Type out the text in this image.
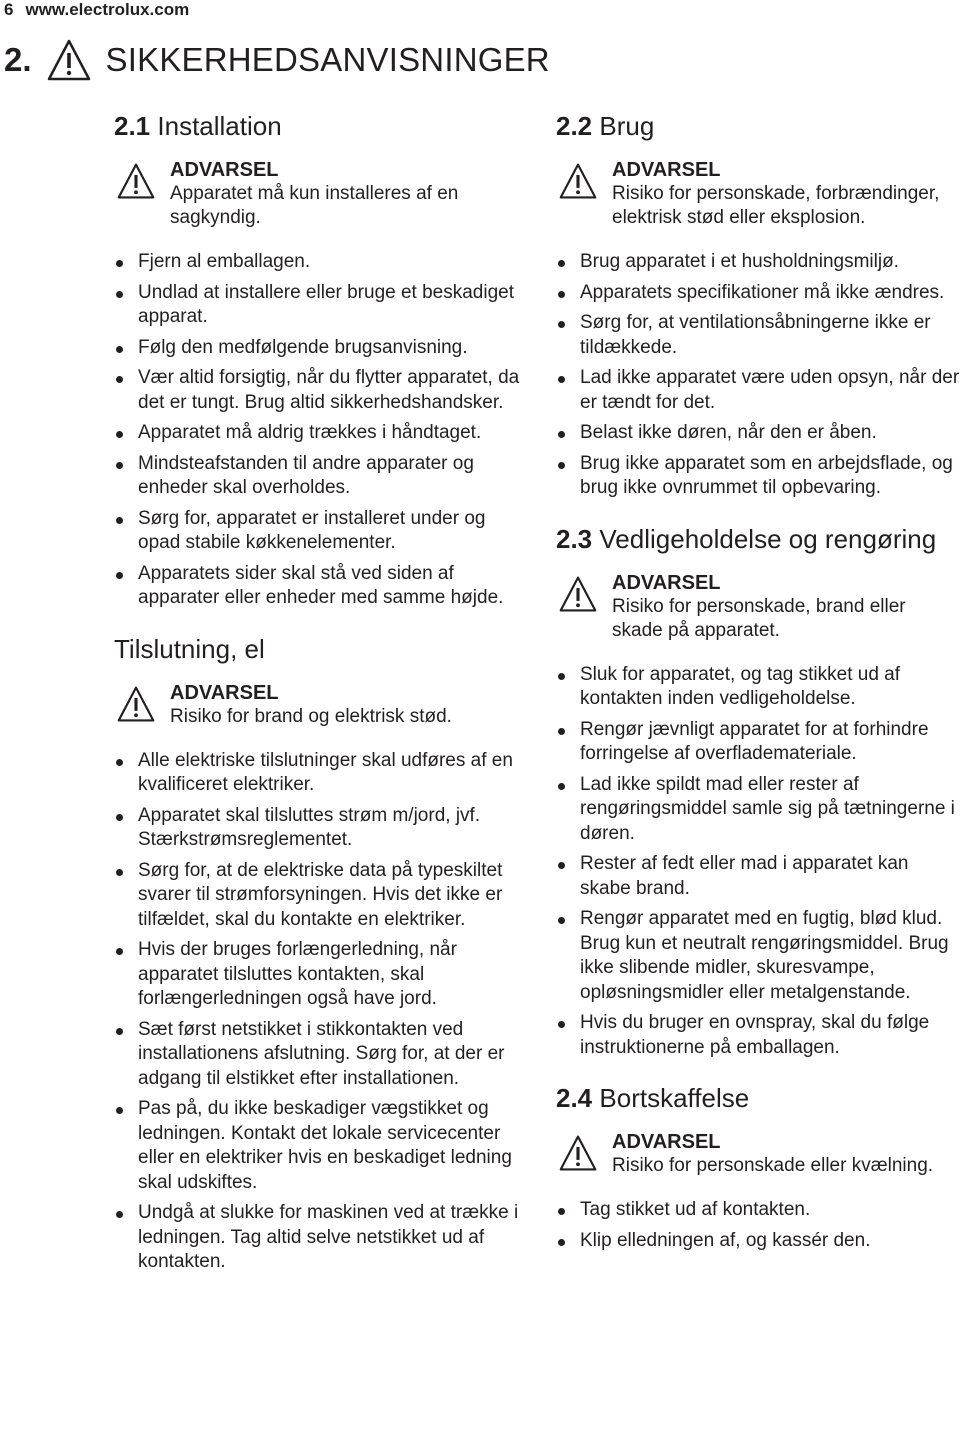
6 www.electrolux.com
2. SIKKERHEDSANVISNINGER
2.1 Installation
ADVARSEL
Apparatet må kun installeres af en sagkyndig.
Fjern al emballagen.
Undlad at installere eller bruge et beskadiget apparat.
Følg den medfølgende brugsanvisning.
Vær altid forsigtig, når du flytter apparatet, da det er tungt. Brug altid sikkerhedshandsker.
Apparatet må aldrig trækkes i håndtaget.
Mindsteafstanden til andre apparater og enheder skal overholdes.
Sørg for, apparatet er installeret under og opad stabile køkkenelementer.
Apparatets sider skal stå ved siden af apparater eller enheder med samme højde.
Tilslutning, el
ADVARSEL
Risiko for brand og elektrisk stød.
Alle elektriske tilslutninger skal udføres af en kvalificeret elektriker.
Apparatet skal tilsluttes strøm m/jord, jvf. Stærkstrømsreglementet.
Sørg for, at de elektriske data på typeskiltet svarer til strømforsyningen. Hvis det ikke er tilfældet, skal du kontakte en elektriker.
Hvis der bruges forlængerledning, når apparatet tilsluttes kontakten, skal forlængerledningen også have jord.
Sæt først netstikket i stikkontakten ved installationens afslutning. Sørg for, at der er adgang til elstikket efter installationen.
Pas på, du ikke beskadiger vægstikket og ledningen. Kontakt det lokale servicecenter eller en elektriker hvis en beskadiget ledning skal udskiftes.
Undgå at slukke for maskinen ved at trække i ledningen. Tag altid selve netstikket ud af kontakten.
2.2 Brug
ADVARSEL
Risiko for personskade, forbrændinger, elektrisk stød eller eksplosion.
Brug apparatet i et husholdningsmiljø.
Apparatets specifikationer må ikke ændres.
Sørg for, at ventilationsåbningerne ikke er tildækkede.
Lad ikke apparatet være uden opsyn, når der er tændt for det.
Belast ikke døren, når den er åben.
Brug ikke apparatet som en arbejdsflade, og brug ikke ovnrummet til opbevaring.
2.3 Vedligeholdelse og rengøring
ADVARSEL
Risiko for personskade, brand eller skade på apparatet.
Sluk for apparatet, og tag stikket ud af kontakten inden vedligeholdelse.
Rengør jævnligt apparatet for at forhindre forringelse af overflademateriale.
Lad ikke spildt mad eller rester af rengøringsmiddel samle sig på tætningerne i døren.
Rester af fedt eller mad i apparatet kan skabe brand.
Rengør apparatet med en fugtig, blød klud. Brug kun et neutralt rengøringsmiddel. Brug ikke slibende midler, skuresvampe, opløsningsmidler eller metalgenstande.
Hvis du bruger en ovnspray, skal du følge instruktionerne på emballagen.
2.4 Bortskaffelse
ADVARSEL
Risiko for personskade eller kvælning.
Tag stikket ud af kontakten.
Klip elledningen af, og kassér den.
